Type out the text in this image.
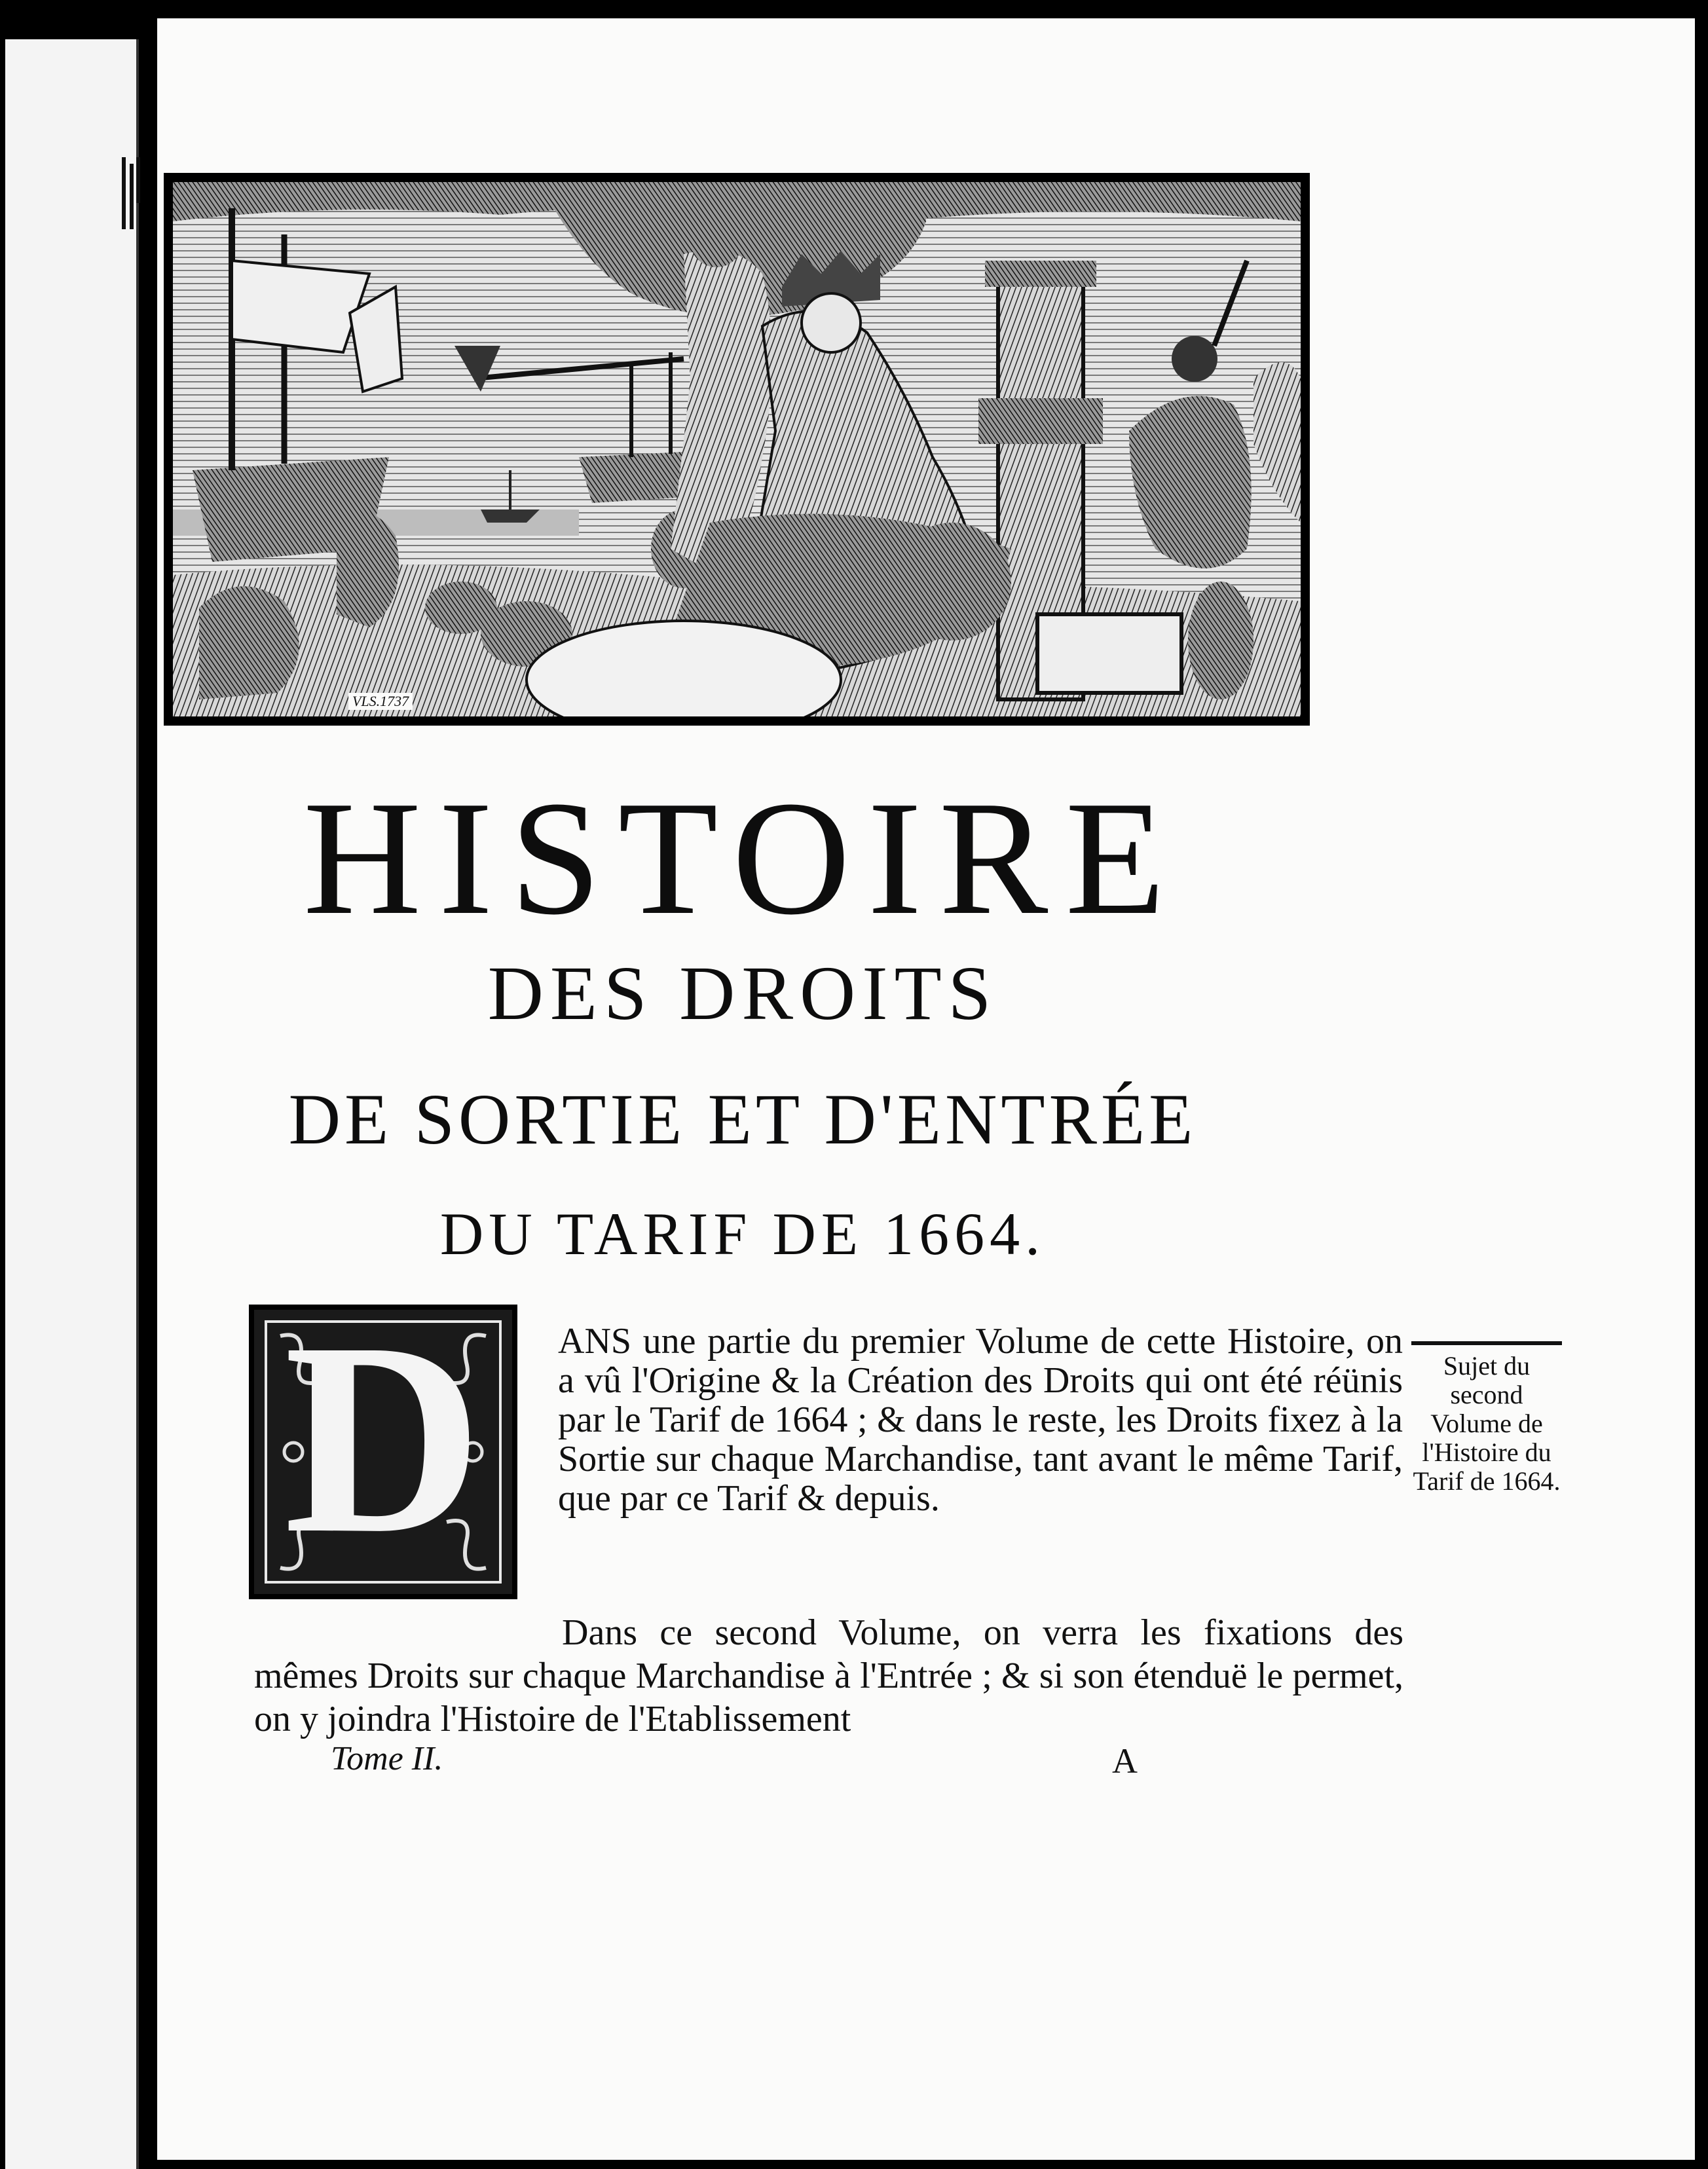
VLS.1737
HISTOIRE
DES DROITS
DE SORTIE ET D'ENTRÉE
DU TARIF DE 1664.
D	ANS une partie du premier Volume de cette Histoire, on a vû l'Origine & la Création des Droits qui ont été réünis par le Tarif de 1664 ; & dans le reste, les Droits fixez à la Sortie sur chaque Marchandise, tant avant le même Tarif, que par ce Tarif & depuis.

Dans ce second Volume, on verra les fixations des mêmes Droits sur chaque Marchandise à l'Entrée ; & si son étenduë le permet, on y joindra l'Histoire de l'Etablissement

Sujet du second Volume de l'Histoire du Tarif de 1664.
Tome II.	A
